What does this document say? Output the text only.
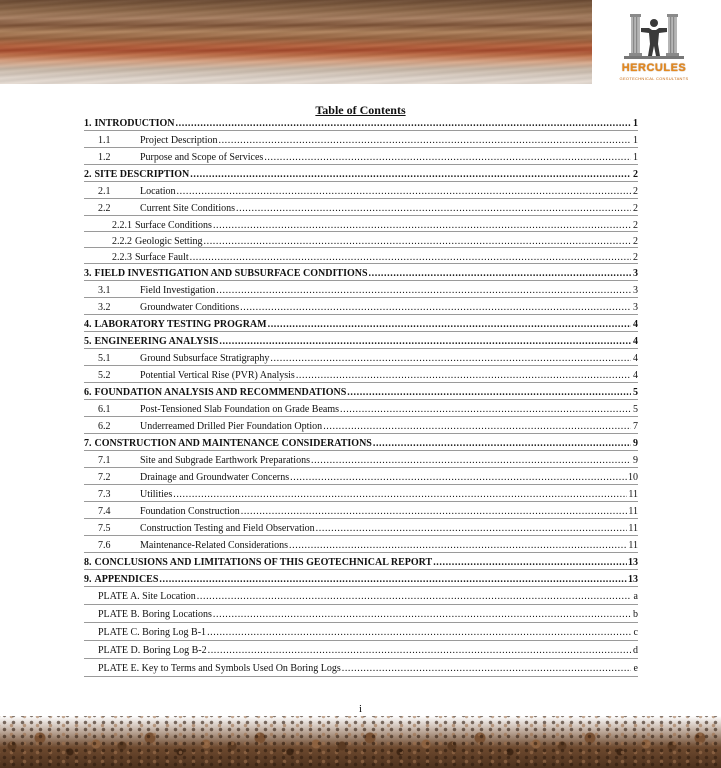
HERCULES
GEOTECHNICAL CONSULTANTS
Table of Contents
1. INTRODUCTION .....	1
1.1	Project Description .....	1
1.2	Purpose and Scope of Services .....	1
2. SITE DESCRIPTION .....	2
2.1	Location .....	2
2.2	Current Site Conditions .....	2
2.2.1 Surface Conditions .....	2
2.2.2 Geologic Setting .....	2
2.2.3 Surface Fault .....	2
3. FIELD INVESTIGATION AND SUBSURFACE CONDITIONS .....	3
3.1	Field Investigation .....	3
3.2	Groundwater Conditions .....	3
4. LABORATORY TESTING PROGRAM .....	4
5. ENGINEERING ANALYSIS .....	4
5.1	Ground Subsurface Stratigraphy .....	4
5.2	Potential Vertical Rise (PVR) Analysis .....	4
6. FOUNDATION ANALYSIS AND RECOMMENDATIONS .....	5
6.1	Post-Tensioned Slab Foundation on Grade Beams .....	5
6.2	Underreamed Drilled Pier Foundation Option .....	7
7. CONSTRUCTION AND MAINTENANCE CONSIDERATIONS .....	9
7.1	Site and Subgrade Earthwork Preparations .....	9
7.2	Drainage and Groundwater Concerns .....	10
7.3	Utilities .....	11
7.4	Foundation Construction .....	11
7.5	Construction Testing and Field Observation .....	11
7.6	Maintenance-Related Considerations .....	11
8. CONCLUSIONS AND LIMITATIONS OF THIS GEOTECHNICAL REPORT .....	13
9. APPENDICES .....	13
PLATE A. Site Location .....	a
PLATE B. Boring Locations .....	b
PLATE C. Boring Log B-1 .....	c
PLATE D. Boring Log B-2 .....	d
PLATE E. Key to Terms and Symbols Used On Boring Logs .....	e
i
